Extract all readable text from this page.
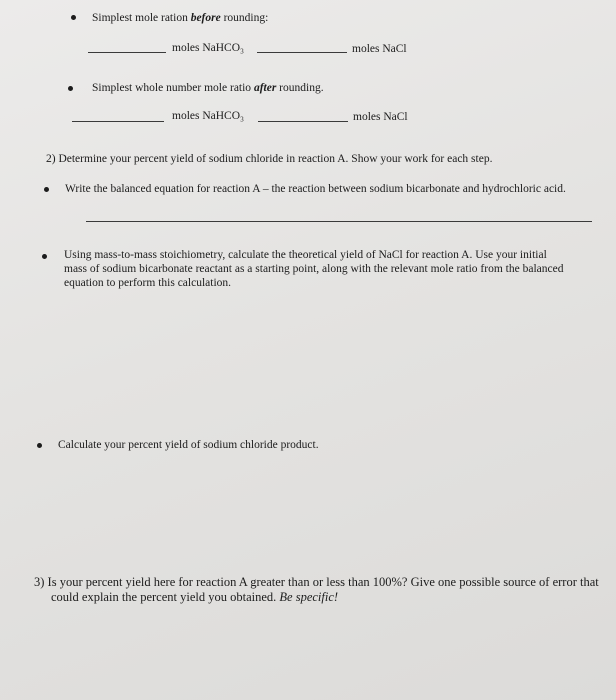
Simplest mole ration before rounding:
moles NaHCO₃	moles NaCl
Simplest whole number mole ratio after rounding.
moles NaHCO₃	moles NaCl
2) Determine your percent yield of sodium chloride in reaction A. Show your work for each step.
Write the balanced equation for reaction A – the reaction between sodium bicarbonate and hydrochloric acid.
Using mass-to-mass stoichiometry, calculate the theoretical yield of NaCl for reaction A. Use your initial
mass of sodium bicarbonate reactant as a starting point, along with the relevant mole ratio from the balanced
equation to perform this calculation.
Calculate your percent yield of sodium chloride product.
3) Is your percent yield here for reaction A greater than or less than 100%? Give one possible source of error that
could explain the percent yield you obtained. Be specific!
